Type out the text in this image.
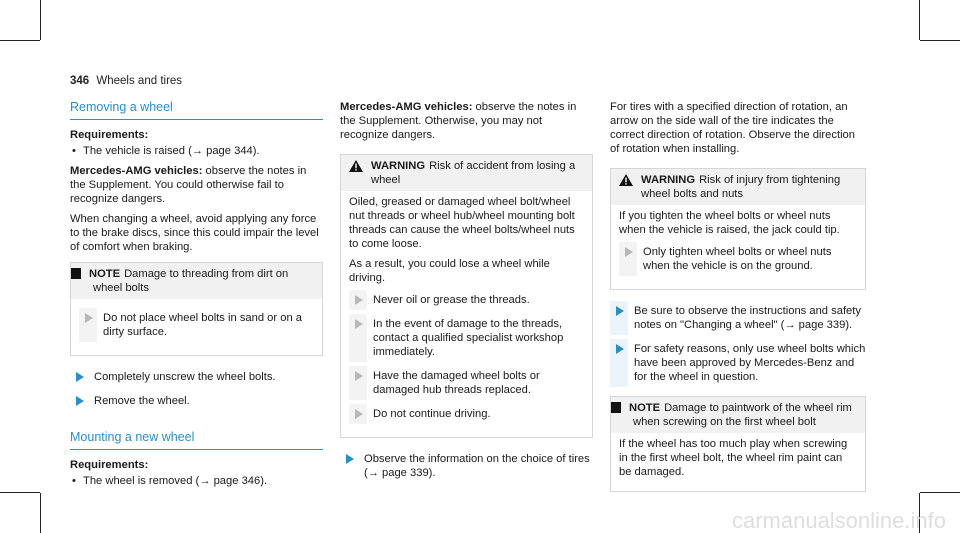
346 Wheels and tires
Removing a wheel
Requirements:
• The vehicle is raised (→ page 344).

Mercedes-AMG vehicles: observe the notes in the Supplement. You could otherwise fail to recognize dangers.

When changing a wheel, avoid applying any force to the brake discs, since this could impair the level of comfort when braking.

! NOTE Damage to threading from dirt on wheel bolts
Do not place wheel bolts in sand or on a dirty surface.
Completely unscrew the wheel bolts.
Remove the wheel.
Mounting a new wheel
Requirements:
• The wheel is removed (→ page 346).

Mercedes-AMG vehicles: observe the notes in the Supplement. Otherwise, you may not recognize dangers.

WARNING Risk of accident from losing a wheel

Oiled, greased or damaged wheel bolt/wheel nut threads or wheel hub/wheel mounting bolt threads can cause the wheel bolts/wheel nuts to come loose.

As a result, you could lose a wheel while driving.

Never oil or grease the threads.
In the event of damage to the threads, contact a qualified specialist workshop immediately.
Have the damaged wheel bolts or damaged hub threads replaced.
Do not continue driving.
Observe the information on the choice of tires (→ page 339).

For tires with a specified direction of rotation, an arrow on the side wall of the tire indicates the correct direction of rotation. Observe the direction of rotation when installing.

WARNING Risk of injury from tightening wheel bolts and nuts

If you tighten the wheel bolts or wheel nuts when the vehicle is raised, the jack could tip.

Only tighten wheel bolts or wheel nuts when the vehicle is on the ground.
Be sure to observe the instructions and safety notes on "Changing a wheel" (→ page 339).
For safety reasons, only use wheel bolts which have been approved by Mercedes-Benz and for the wheel in question.
! NOTE Damage to paintwork of the wheel rim when screwing on the first wheel bolt

If the wheel has too much play when screwing in the first wheel bolt, the wheel rim paint can be damaged.

carmanualsonline.info
